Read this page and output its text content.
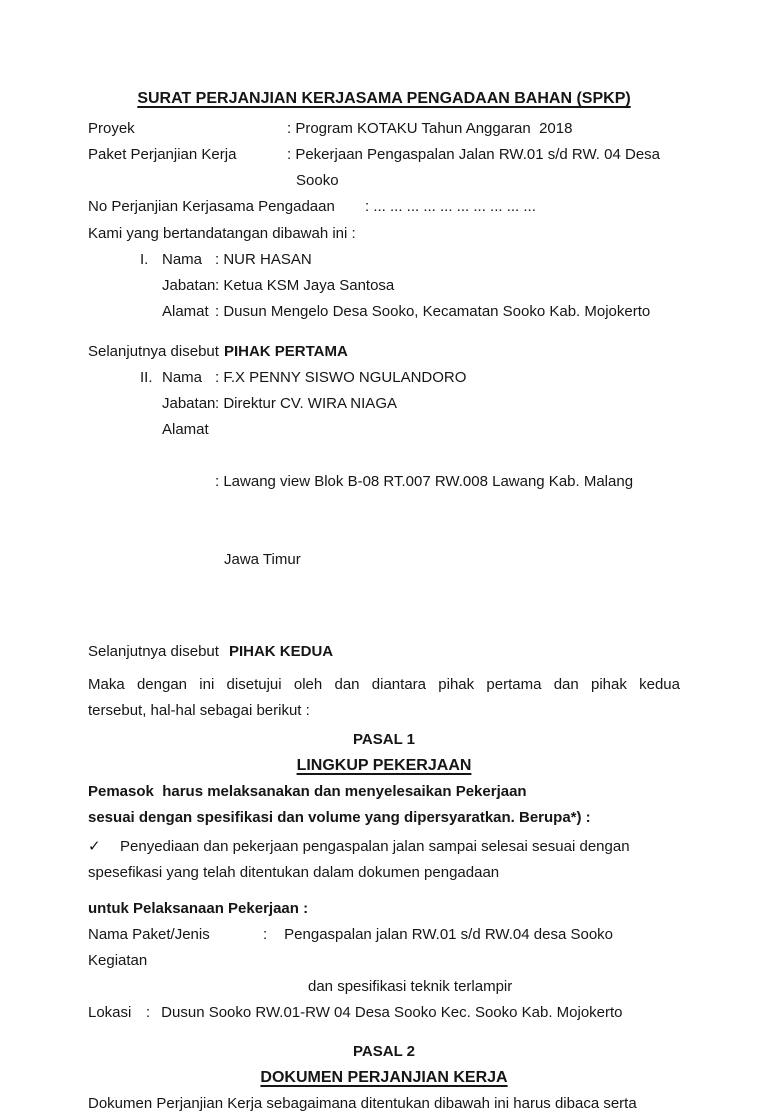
SURAT PERJANJIAN KERJASAMA PENGADAAN BAHAN (SPKP)
Proyek	: Program KOTAKU Tahun Anggaran  2018
Paket Perjanjian Kerja	: Pekerjaan Pengaspalan Jalan RW.01 s/d RW. 04 Desa
Sooko
No Perjanjian Kerjasama Pengadaan	: ... ... ... ... ... ... ... ... ... ...
Kami yang bertandatangan dibawah ini :
I. Nama : NUR HASAN
Jabatan : Ketua KSM Jaya Santosa
Alamat : Dusun Mengelo Desa Sooko, Kecamatan Sooko Kab. Mojokerto
Selanjutnya disebut PIHAK PERTAMA
II. Nama : F.X PENNY SISWO NGULANDORO
Jabatan : Direktur CV. WIRA NIAGA
Alamat

: Lawang view Blok B-08 RT.007 RW.008 Lawang Kab. Malang

Jawa Timur

Selanjutnya disebut PIHAK KEDUA
Maka dengan ini disetujui oleh dan diantara pihak pertama dan pihak kedua
tersebut, hal-hal sebagai berikut :
PASAL 1
LINGKUP PEKERJAAN
Pemasok  harus melaksanakan dan menyelesaikan Pekerjaan
sesuai dengan spesifikasi dan volume yang dipersyaratkan. Berupa*) :
✓	Penyediaan dan pekerjaan pengaspalan jalan sampai selesai sesuai dengan
spesefikasi yang telah ditentukan dalam dokumen pengadaan
untuk Pelaksanaan Pekerjaan :
Nama Paket/Jenis Kegiatan
: Pengaspalan jalan RW.01 s/d RW.04 desa Sooko
dan spesifikasi teknik terlampir
Lokasi : Dusun Sooko RW.01-RW 04 Desa Sooko Kec. Sooko Kab. Mojokerto
PASAL 2
DOKUMEN PERJANJIAN KERJA
Dokumen Perjanjian Kerja sebagaimana ditentukan dibawah ini harus dibaca serta
